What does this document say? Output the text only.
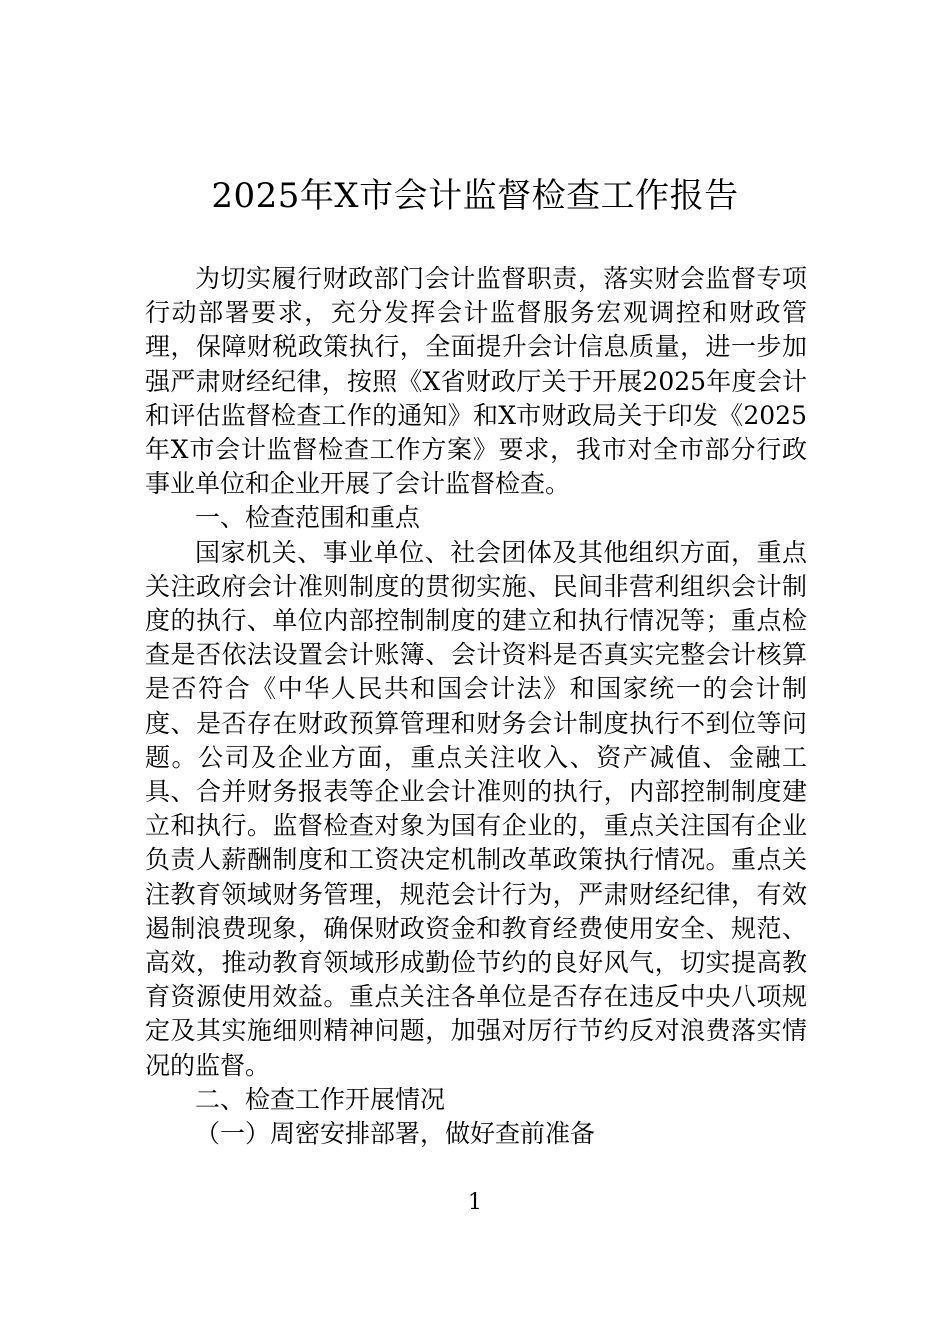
2025年X市会计监督检查工作报告

为切实履行财政部门会计监督职责，落实财会监督专项行动部署要求，充分发挥会计监督服务宏观调控和财政管理，保障财税政策执行，全面提升会计信息质量，进一步加强严肃财经纪律，按照《X省财政厅关于开展2025年度会计和评估监督检查工作的通知》和X市财政局关于印发《2025年X市会计监督检查工作方案》要求，我市对全市部分行政事业单位和企业开展了会计监督检查。

一、检查范围和重点

国家机关、事业单位、社会团体及其他组织方面，重点关注政府会计准则制度的贯彻实施、民间非营利组织会计制度的执行、单位内部控制制度的建立和执行情况等；重点检查是否依法设置会计账簿、会计资料是否真实完整会计核算是否符合《中华人民共和国会计法》和国家统一的会计制度、是否存在财政预算管理和财务会计制度执行不到位等问题。公司及企业方面，重点关注收入、资产减值、金融工具、合并财务报表等企业会计准则的执行，内部控制制度建立和执行。监督检查对象为国有企业的，重点关注国有企业负责人薪酬制度和工资决定机制改革政策执行情况。重点关注教育领域财务管理，规范会计行为，严肃财经纪律，有效遏制浪费现象，确保财政资金和教育经费使用安全、规范、高效，推动教育领域形成勤俭节约的良好风气，切实提高教育资源使用效益。重点关注各单位是否存在违反中央八项规定及其实施细则精神问题，加强对厉行节约反对浪费落实情况的监督。

二、检查工作开展情况

（一）周密安排部署，做好查前准备

1
